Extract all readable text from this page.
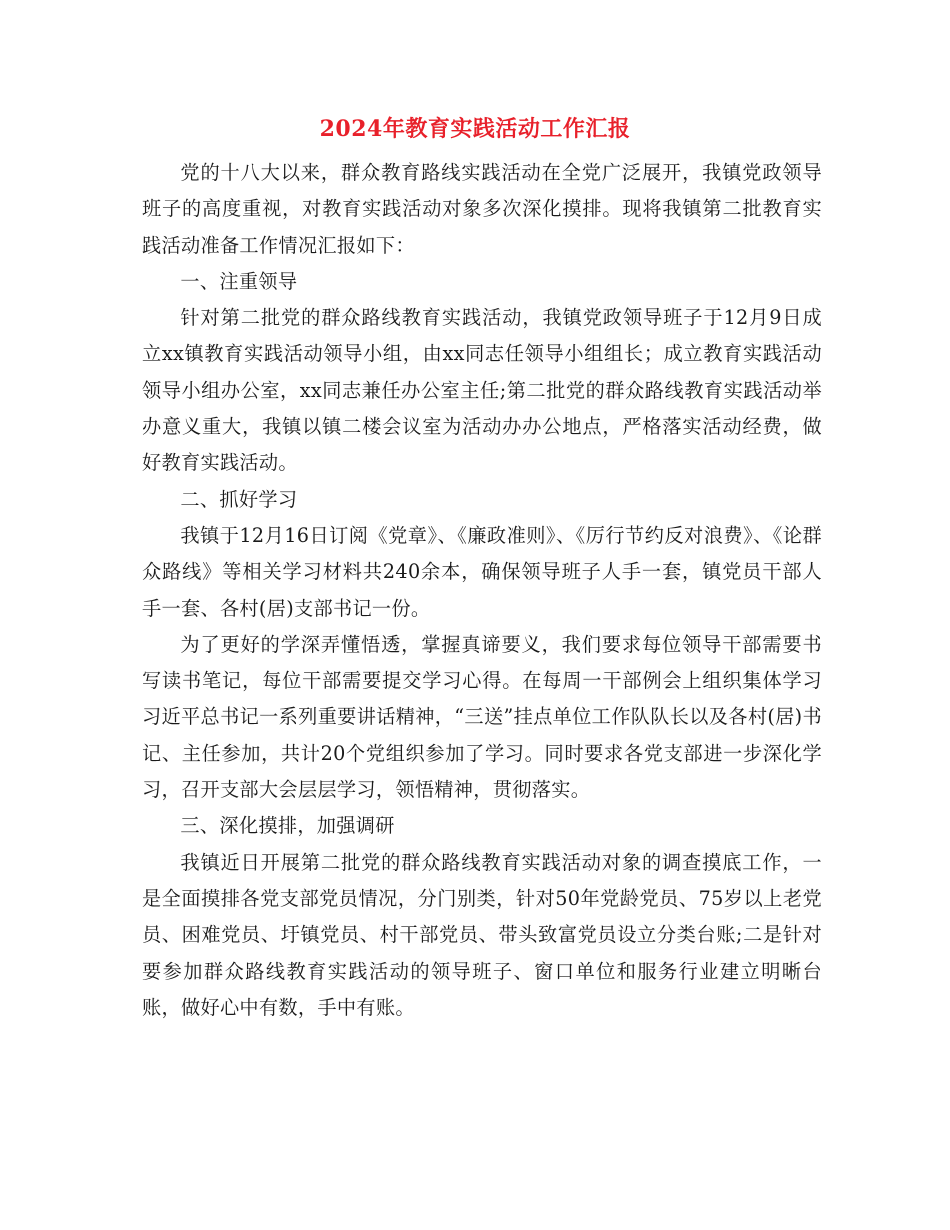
2024年教育实践活动工作汇报

党的十八大以来，群众教育路线实践活动在全党广泛展开，我镇党政领导班子的高度重视，对教育实践活动对象多次深化摸排。现将我镇第二批教育实践活动准备工作情况汇报如下：

一、注重领导

针对第二批党的群众路线教育实践活动，我镇党政领导班子于12月9日成立xx镇教育实践活动领导小组，由xx同志任领导小组组长；成立教育实践活动领导小组办公室，xx同志兼任办公室主任;第二批党的群众路线教育实践活动举办意义重大，我镇以镇二楼会议室为活动办办公地点，严格落实活动经费，做好教育实践活动。

二、抓好学习

我镇于12月16日订阅《党章》、《廉政准则》、《厉行节约反对浪费》、《论群众路线》等相关学习材料共240余本，确保领导班子人手一套，镇党员干部人手一套、各村(居)支部书记一份。

为了更好的学深弄懂悟透，掌握真谛要义，我们要求每位领导干部需要书写读书笔记，每位干部需要提交学习心得。在每周一干部例会上组织集体学习习近平总书记一系列重要讲话精神，“三送”挂点单位工作队队长以及各村(居)书记、主任参加，共计20个党组织参加了学习。同时要求各党支部进一步深化学习，召开支部大会层层学习，领悟精神，贯彻落实。

三、深化摸排，加强调研

我镇近日开展第二批党的群众路线教育实践活动对象的调查摸底工作，一是全面摸排各党支部党员情况，分门别类，针对50年党龄党员、75岁以上老党员、困难党员、圩镇党员、村干部党员、带头致富党员设立分类台账;二是针对要参加群众路线教育实践活动的领导班子、窗口单位和服务行业建立明晰台账，做好心中有数，手中有账。
